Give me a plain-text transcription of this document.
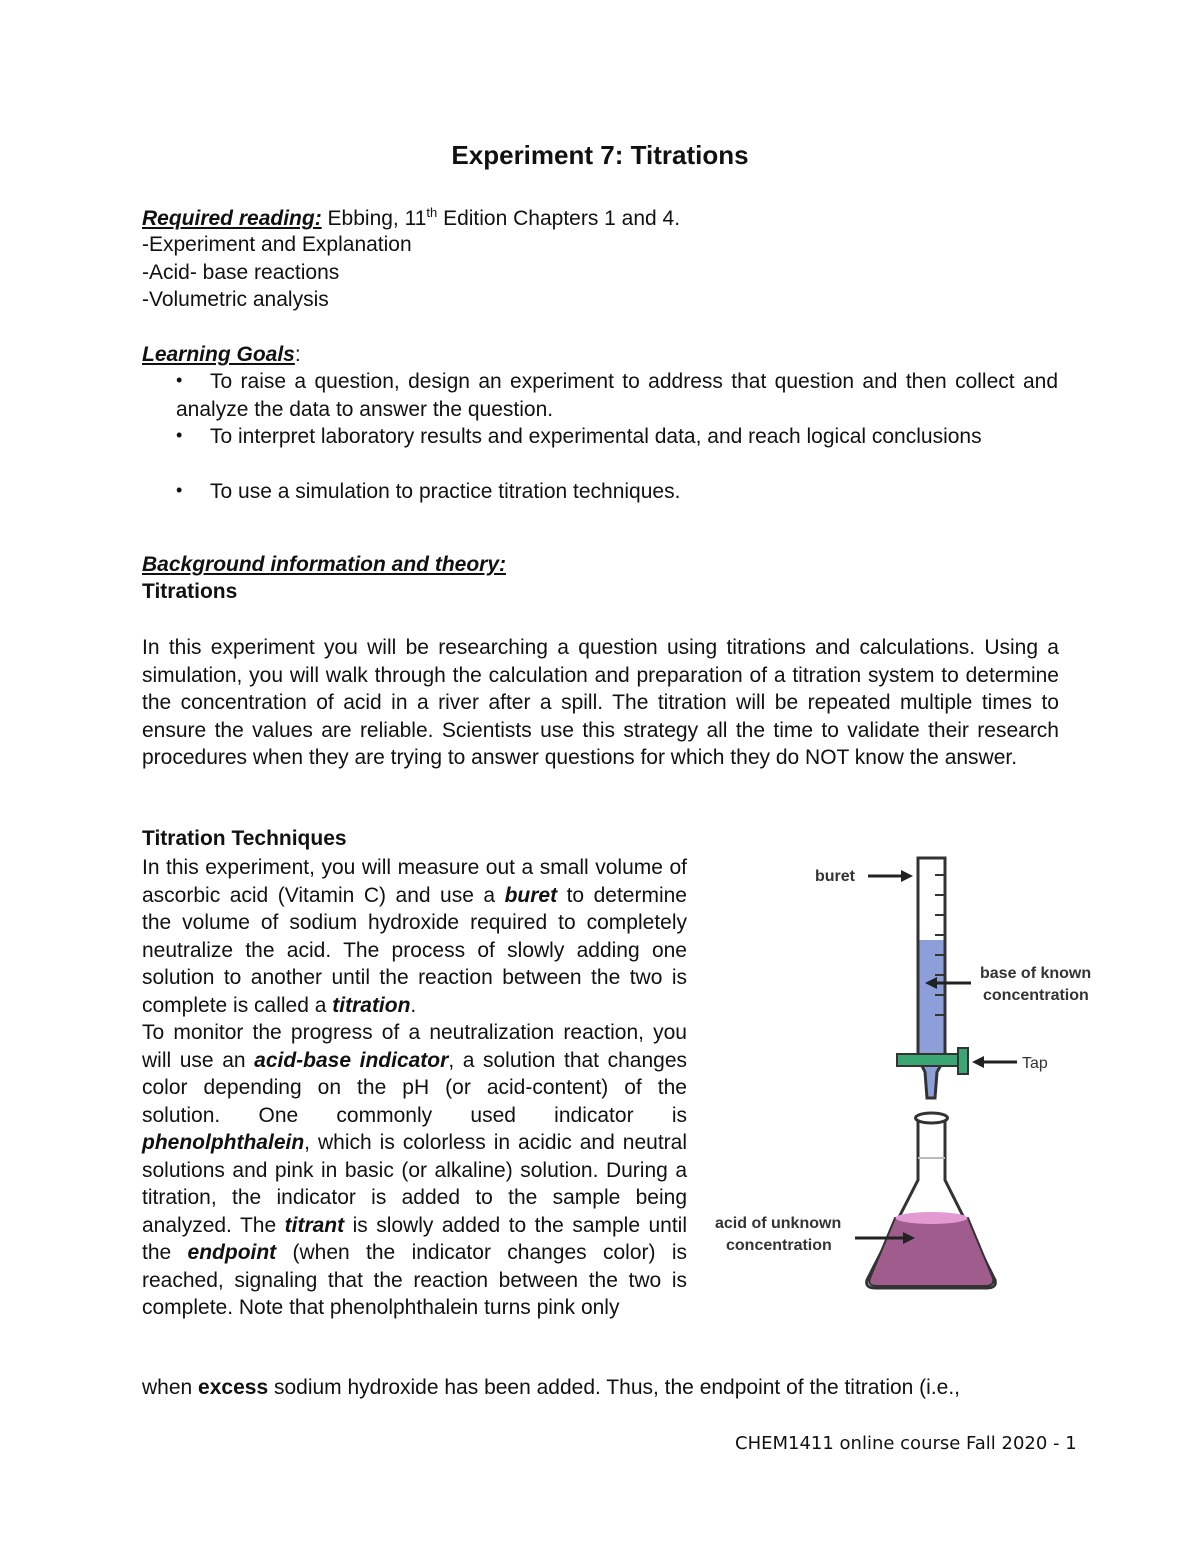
Experiment 7: Titrations
Required reading: Ebbing, 11th Edition Chapters 1 and 4.
-Experiment and Explanation
-Acid- base reactions
-Volumetric analysis
Learning Goals:
•	To raise a question, design an experiment to address that question and then collect and analyze the data to answer the question.
•	To interpret laboratory results and experimental data, and reach logical conclusions
•	To use a simulation to practice titration techniques.
Background information and theory:
Titrations
In this experiment you will be researching a question using titrations and calculations. Using a simulation, you will walk through the calculation and preparation of a titration system to determine the concentration of acid in a river after a spill. The titration will be repeated multiple times to ensure the values are reliable. Scientists use this strategy all the time to validate their research procedures when they are trying to answer questions for which they do NOT know the answer.
Titration Techniques
In this experiment, you will measure out a small volume of ascorbic acid (Vitamin C) and use a buret to determine the volume of sodium hydroxide required to completely neutralize the acid. The process of slowly adding one solution to another until the reaction between the two is complete is called a titration.
To monitor the progress of a neutralization reaction, you will use an acid-base indicator, a solution that changes color depending on the pH (or acid-content) of the solution. One commonly used indicator is phenolphthalein, which is colorless in acidic and neutral solutions and pink in basic (or alkaline) solution. During a titration, the indicator is added to the sample being analyzed. The titrant is slowly added to the sample until the endpoint (when the indicator changes color) is reached, signaling that the reaction between the two is complete. Note that phenolphthalein turns pink only
when excess sodium hydroxide has been added. Thus, the endpoint of the titration (i.e.,
buret
base of known
concentration
Tap
acid of unknown
concentration
CHEM1411 online course Fall 2020 - 1
